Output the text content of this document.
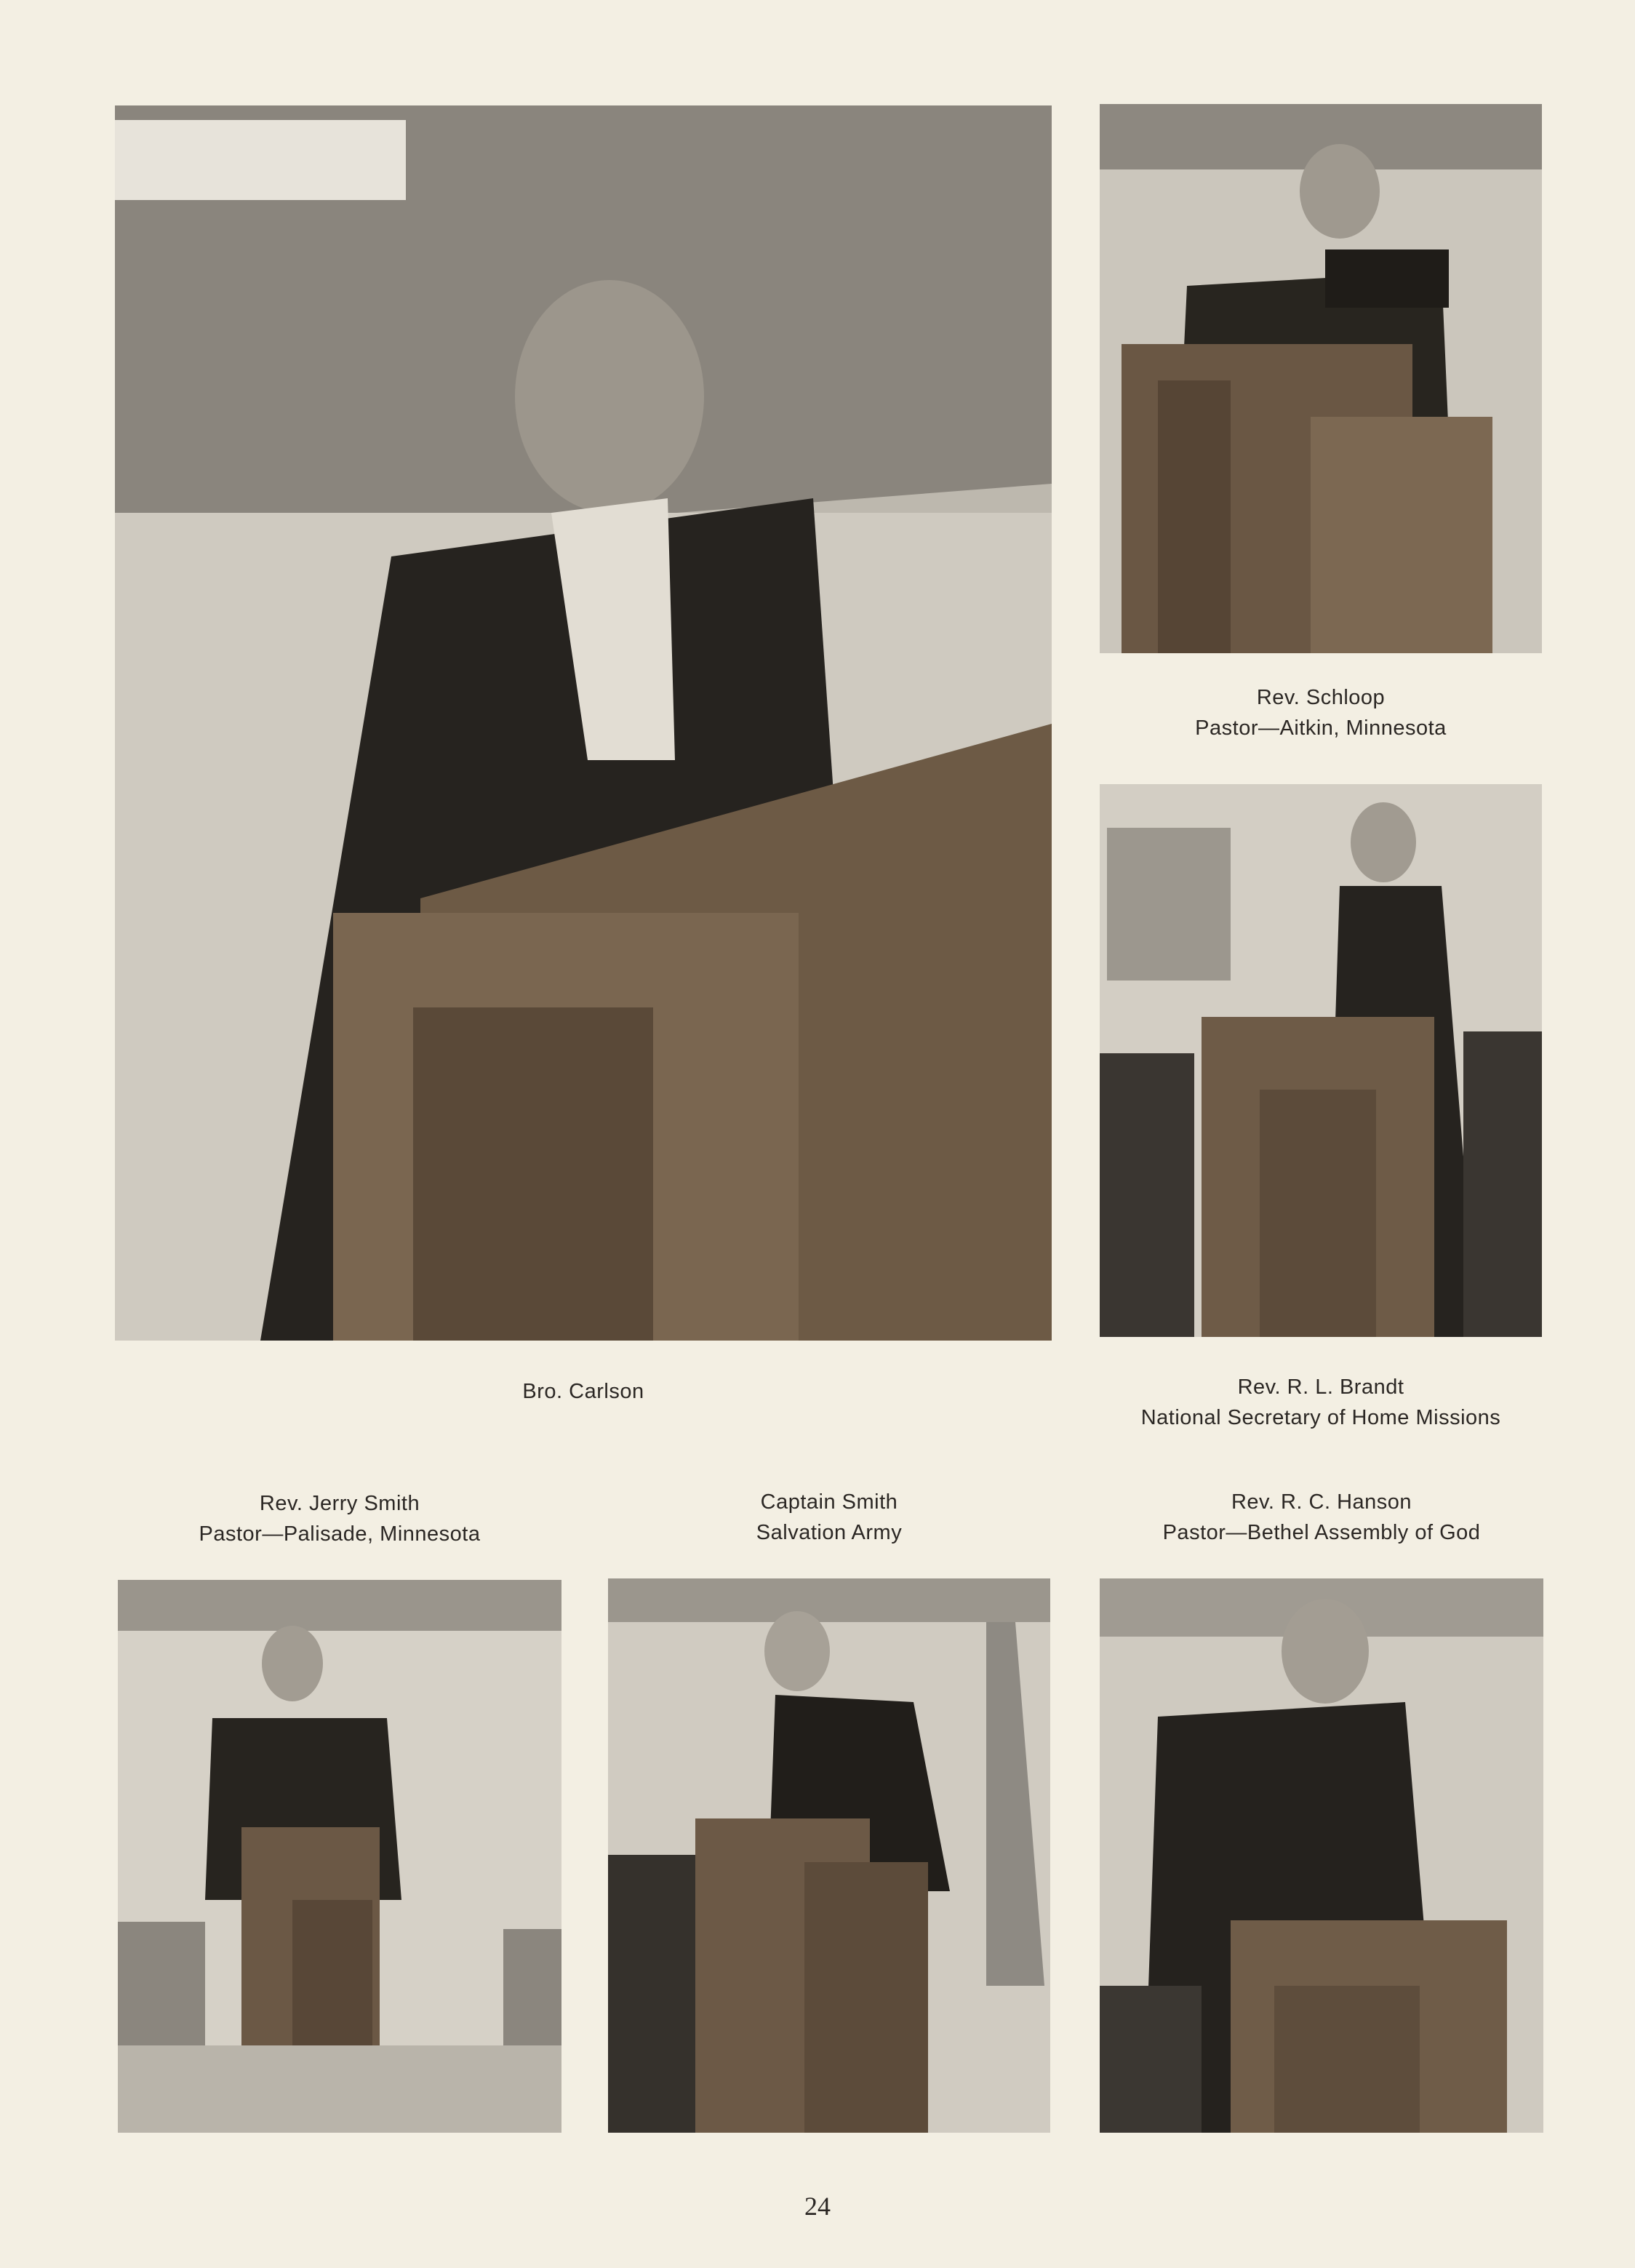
Rev. Schloop
Pastor—Aitkin, Minnesota
Bro. Carlson	Rev. R. L. Brandt
National Secretary of Home Missions
Rev. Jerry Smith
Pastor—Palisade, Minnesota
Captain Smith
Salvation Army
Rev. R. C. Hanson
Pastor—Bethel Assembly of God
24
